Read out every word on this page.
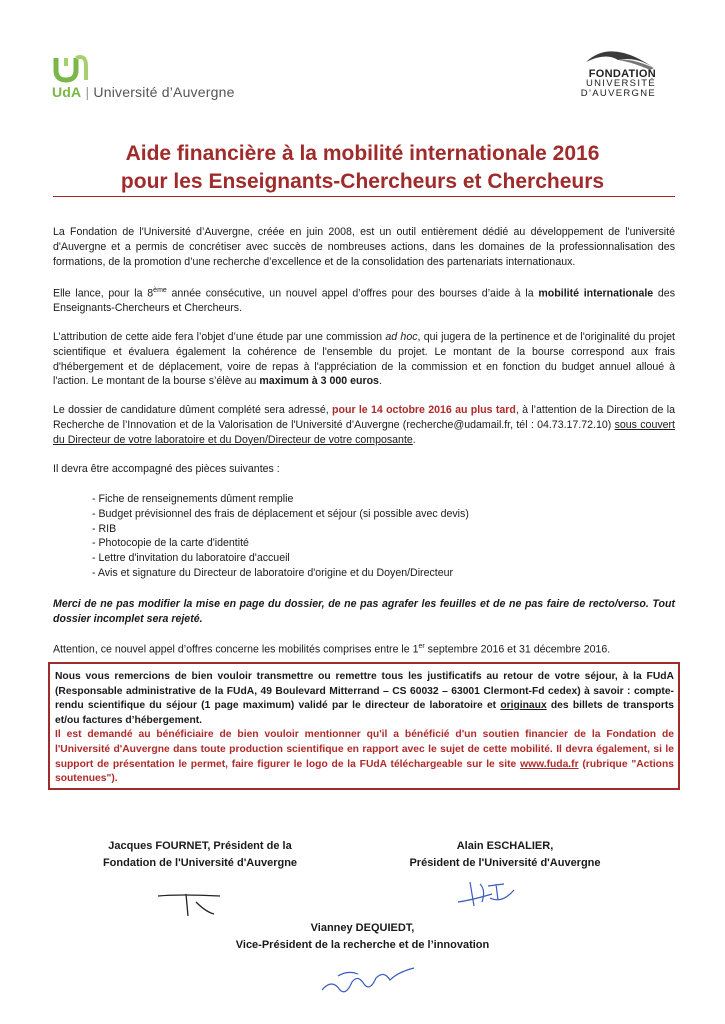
UdA | Université d’Auvergne
FONDATION
UNIVERSITÉ
D’AUVERGNE
Aide financière à la mobilité internationale 2016
pour les Enseignants-Chercheurs et Chercheurs
La Fondation de l'Université d’Auvergne, créée en juin 2008, est un outil entièrement dédié au développement de l'université d'Auvergne et a permis de concrétiser avec succès de nombreuses actions, dans les domaines de la professionnalisation des formations, de la promotion d’une recherche d’excellence et de la consolidation des partenariats internationaux.
Elle lance, pour la 8ème année consécutive, un nouvel appel d’offres pour des bourses d’aide à la mobilité internationale des Enseignants-Chercheurs et Chercheurs.
L’attribution de cette aide fera l’objet d’une étude par une commission ad hoc, qui jugera de la pertinence et de l'originalité du projet scientifique et évaluera également la cohérence de l'ensemble du projet. Le montant de la bourse correspond aux frais d'hébergement et de déplacement, voire de repas à l'appréciation de la commission et en fonction du budget annuel alloué à l'action. Le montant de la bourse s’élève au maximum à 3 000 euros.
Le dossier de candidature dûment complété sera adressé, pour le 14 octobre 2016 au plus tard, à l’attention de la Direction de la Recherche de l’Innovation et de la Valorisation de l'Université d’Auvergne (recherche@udamail.fr, tél : 04.73.17.72.10) sous couvert du Directeur de votre laboratoire et du Doyen/Directeur de votre composante.
Il devra être accompagné des pièces suivantes :
- Fiche de renseignements dûment remplie
- Budget prévisionnel des frais de déplacement et séjour (si possible avec devis)
- RIB
- Photocopie de la carte d'identité
- Lettre d'invitation du laboratoire d'accueil
- Avis et signature du Directeur de laboratoire d'origine et du Doyen/Directeur
Merci de ne pas modifier la mise en page du dossier, de ne pas agrafer les feuilles et de ne pas faire de recto/verso. Tout dossier incomplet sera rejeté.
Attention, ce nouvel appel d’offres concerne les mobilités comprises entre le 1er septembre 2016 et 31 décembre 2016.
Nous vous remercions de bien vouloir transmettre ou remettre tous les justificatifs au retour de votre séjour, à la FUdA (Responsable administrative de la FUdA, 49 Boulevard Mitterrand – CS 60032 – 63001 Clermont-Fd cedex) à savoir : compte-rendu scientifique du séjour (1 page maximum) validé par le directeur de laboratoire et originaux des billets de transports et/ou factures d’hébergement.
Il est demandé au bénéficiaire de bien vouloir mentionner qu'il a bénéficié d'un soutien financier de la Fondation de l'Université d'Auvergne dans toute production scientifique en rapport avec le sujet de cette mobilité. Il devra également, si le support de présentation le permet, faire figurer le logo de la FUdA téléchargeable sur le site www.fuda.fr (rubrique "Actions soutenues").
Jacques FOURNET, Président de la
Fondation de l'Université d'Auvergne
Alain ESCHALIER,
Président de l'Université d'Auvergne
Vianney DEQUIEDT,
Vice-Président de la recherche et de l’innovation
